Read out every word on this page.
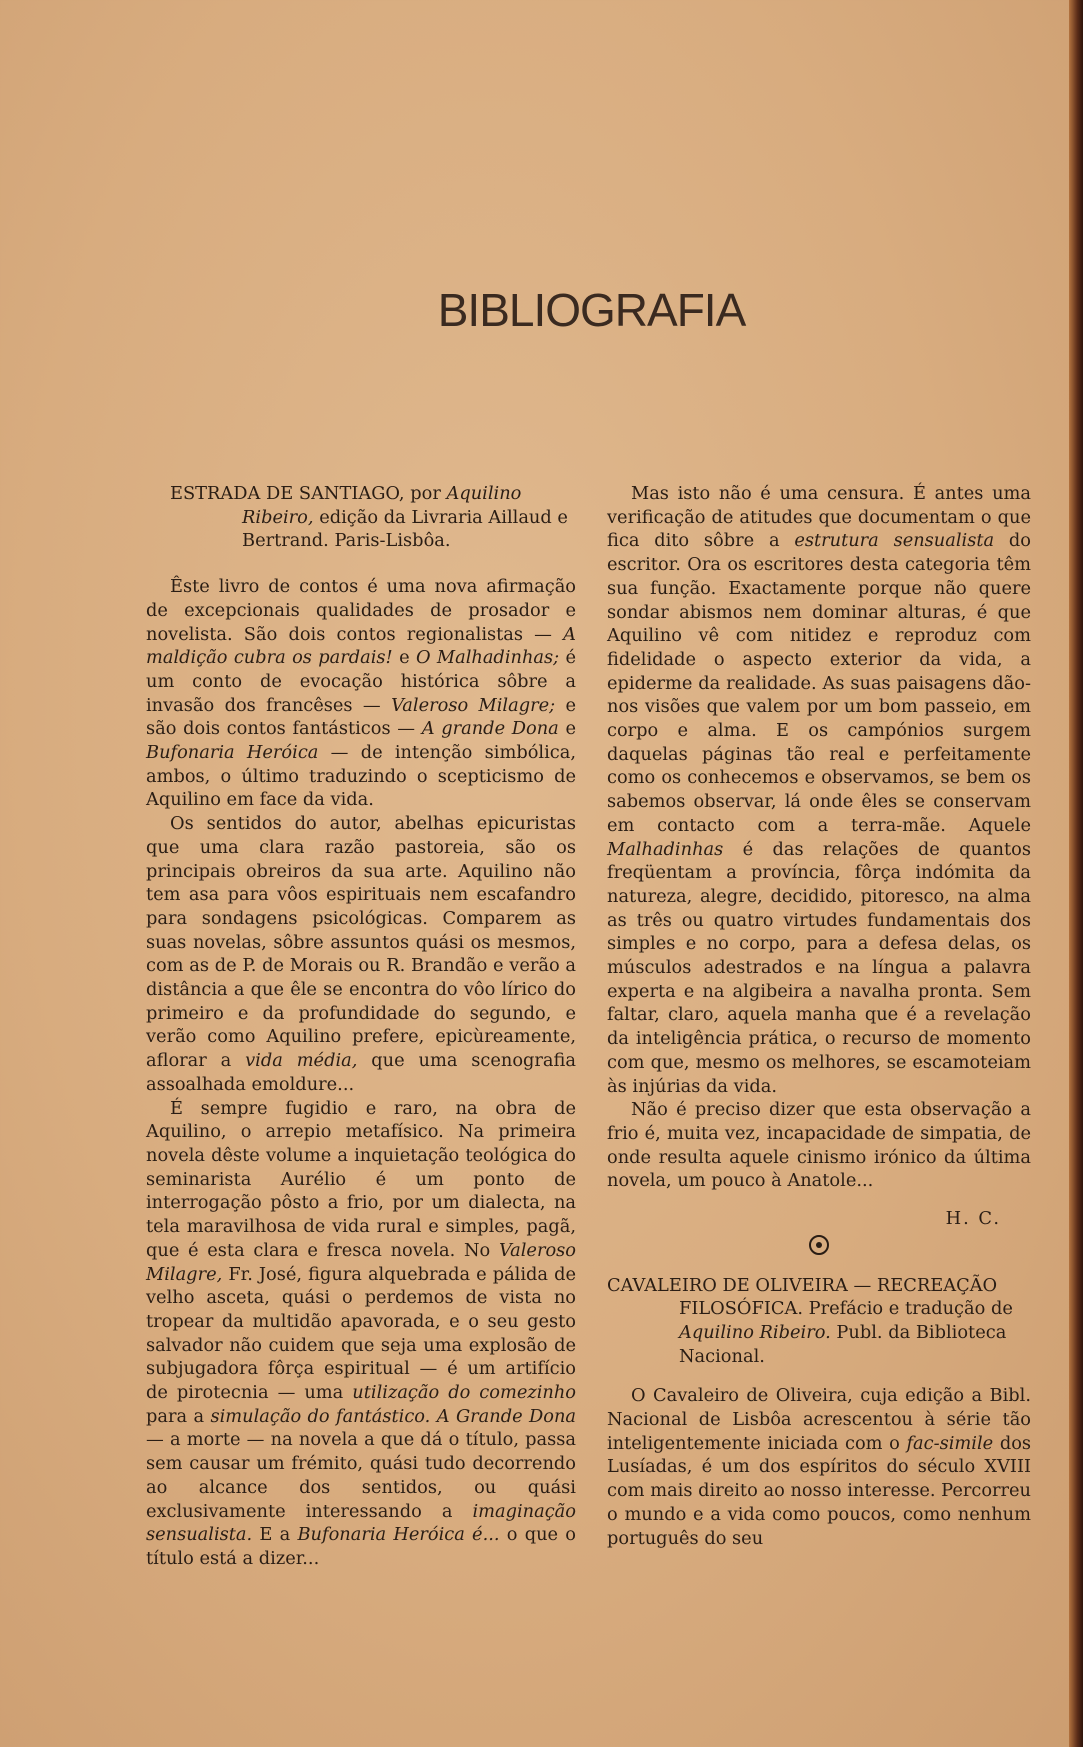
BIBLIOGRAFIA

ESTRADA DE SANTIAGO, por Aquilino Ribeiro, edição da Livraria Aillaud e Bertrand. Paris-Lisbôa.

Êste livro de contos é uma nova afirmação de excepcionais qualidades de prosador e novelista. São dois contos regionalistas — A maldição cubra os pardais! e O Malhadinhas; é um conto de evocação histórica sôbre a invasão dos francêses — Valeroso Milagre; e são dois contos fantásticos — A grande Dona e Bufonaria Heróica — de intenção simbólica, ambos, o último traduzindo o scepticismo de Aquilino em face da vida.

Os sentidos do autor, abelhas epicuristas que uma clara razão pastoreia, são os principais obreiros da sua arte. Aquilino não tem asa para vôos espirituais nem escafandro para sondagens psicológicas. Comparem as suas novelas, sôbre assuntos quási os mesmos, com as de P. de Morais ou R. Brandão e verão a distância a que êle se encontra do vôo lírico do primeiro e da profundidade do segundo, e verão como Aquilino prefere, epicùreamente, aflorar a vida média, que uma scenografia assoalhada emoldure...

É sempre fugidio e raro, na obra de Aquilino, o arrepio metafísico. Na primeira novela dêste volume a inquietação teológica do seminarista Aurélio é um ponto de interrogação pôsto a frio, por um dialecta, na tela maravilhosa de vida rural e simples, pagã, que é esta clara e fresca novela. No Valeroso Milagre, Fr. José, figura alquebrada e pálida de velho asceta, quási o perdemos de vista no tropear da multidão apavorada, e o seu gesto salvador não cuidem que seja uma explosão de subjugadora fôrça espiritual — é um artifício de pirotecnia — uma utilização do comezinho para a simulação do fantástico. A Grande Dona — a morte — na novela a que dá o título, passa sem causar um frémito, quási tudo decorrendo ao alcance dos sentidos, ou quási exclusivamente interessando a imaginação sensualista. E a Bufonaria Heróica é... o que o título está a dizer...

Mas isto não é uma censura. É antes uma verificação de atitudes que documentam o que fica dito sôbre a estrutura sensualista do escritor. Ora os escritores desta categoria têm sua função. Exactamente porque não quere sondar abismos nem dominar alturas, é que Aquilino vê com nitidez e reproduz com fidelidade o aspecto exterior da vida, a epiderme da realidade. As suas paisagens dão-nos visões que valem por um bom passeio, em corpo e alma. E os campónios surgem daquelas páginas tão real e perfeitamente como os conhecemos e observamos, se bem os sabemos observar, lá onde êles se conservam em contacto com a terra-mãe. Aquele Malhadinhas é das relações de quantos freqüentam a província, fôrça indómita da natureza, alegre, decidido, pitoresco, na alma as três ou quatro virtudes fundamentais dos simples e no corpo, para a defesa delas, os músculos adestrados e na língua a palavra experta e na algibeira a navalha pronta. Sem faltar, claro, aquela manha que é a revelação da inteligência prática, o recurso de momento com que, mesmo os melhores, se escamoteiam às injúrias da vida.

Não é preciso dizer que esta observação a frio é, muita vez, incapacidade de simpatia, de onde resulta aquele cinismo irónico da última novela, um pouco à Anatole...

H. C.

CAVALEIRO DE OLIVEIRA — RECREAÇÃO FILOSÓFICA. Prefácio e tradução de Aquilino Ribeiro. Publ. da Biblioteca Nacional.

O Cavaleiro de Oliveira, cuja edição a Bibl. Nacional de Lisbôa acrescentou à série tão inteligentemente iniciada com o fac-simile dos Lusíadas, é um dos espíritos do século XVIII com mais direito ao nosso interesse. Percorreu o mundo e a vida como poucos, como nenhum português do seu
